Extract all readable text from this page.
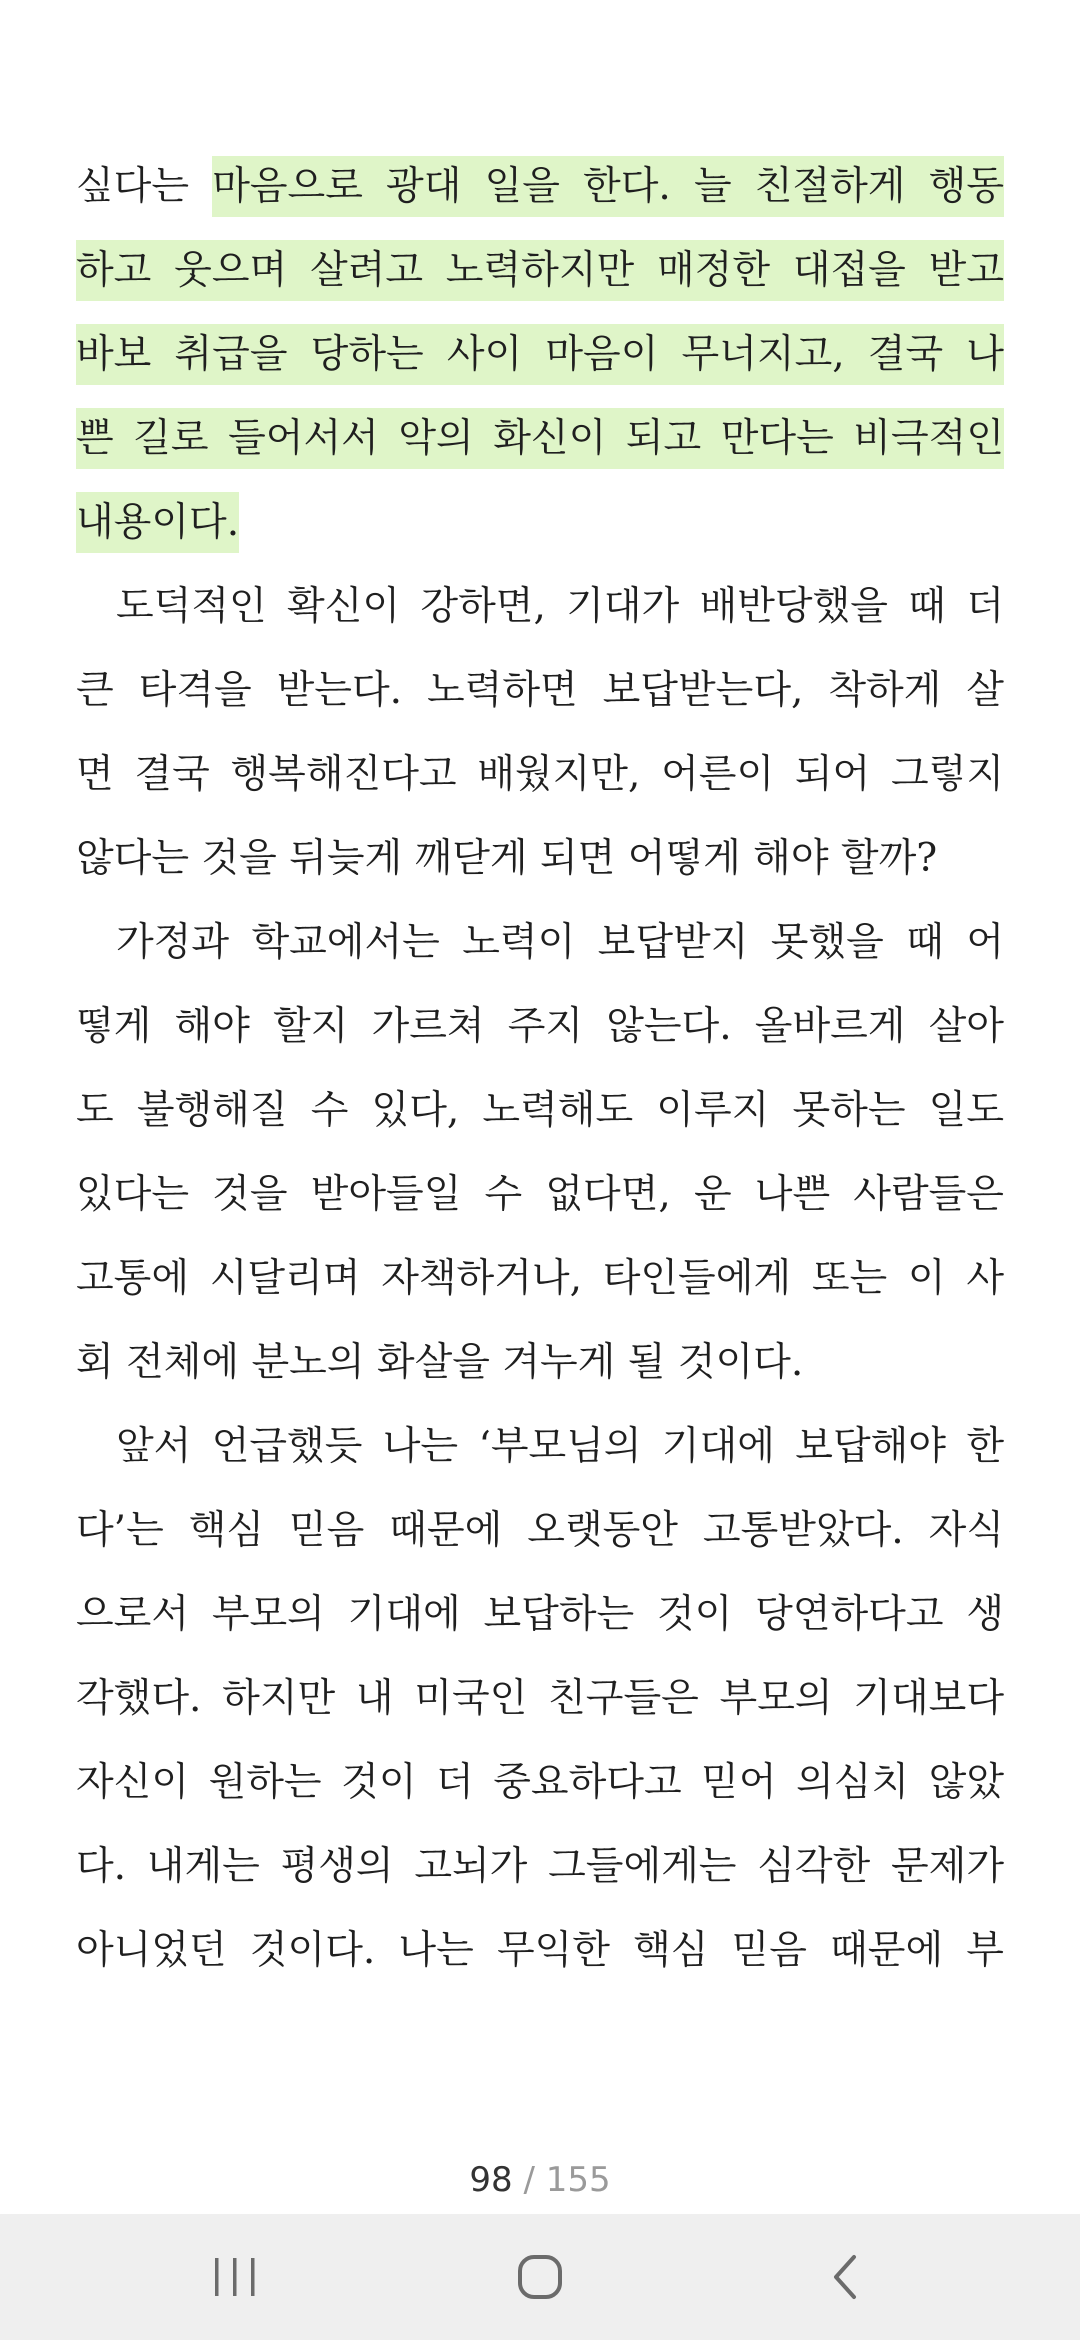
싶다는 마음으로 광대 일을 한다. 늘 친절하게 행동
하고 웃으며 살려고 노력하지만 매정한 대접을 받고
바보 취급을 당하는 사이 마음이 무너지고, 결국 나
쁜 길로 들어서서 악의 화신이 되고 만다는 비극적인
내용이다.
도덕적인 확신이 강하면, 기대가 배반당했을 때 더
큰 타격을 받는다. 노력하면 보답받는다, 착하게 살
면 결국 행복해진다고 배웠지만, 어른이 되어 그렇지
않다는 것을 뒤늦게 깨닫게 되면 어떻게 해야 할까?
가정과 학교에서는 노력이 보답받지 못했을 때 어
떻게 해야 할지 가르쳐 주지 않는다. 올바르게 살아
도 불행해질 수 있다, 노력해도 이루지 못하는 일도
있다는 것을 받아들일 수 없다면, 운 나쁜 사람들은
고통에 시달리며 자책하거나, 타인들에게 또는 이 사
회 전체에 분노의 화살을 겨누게 될 것이다.
앞서 언급했듯 나는 ‘부모님의 기대에 보답해야 한
다’는 핵심 믿음 때문에 오랫동안 고통받았다. 자식
으로서 부모의 기대에 보답하는 것이 당연하다고 생
각했다. 하지만 내 미국인 친구들은 부모의 기대보다
자신이 원하는 것이 더 중요하다고 믿어 의심치 않았
다. 내게는 평생의 고뇌가 그들에게는 심각한 문제가
아니었던 것이다. 나는 무익한 핵심 믿음 때문에 부
98 / 155
